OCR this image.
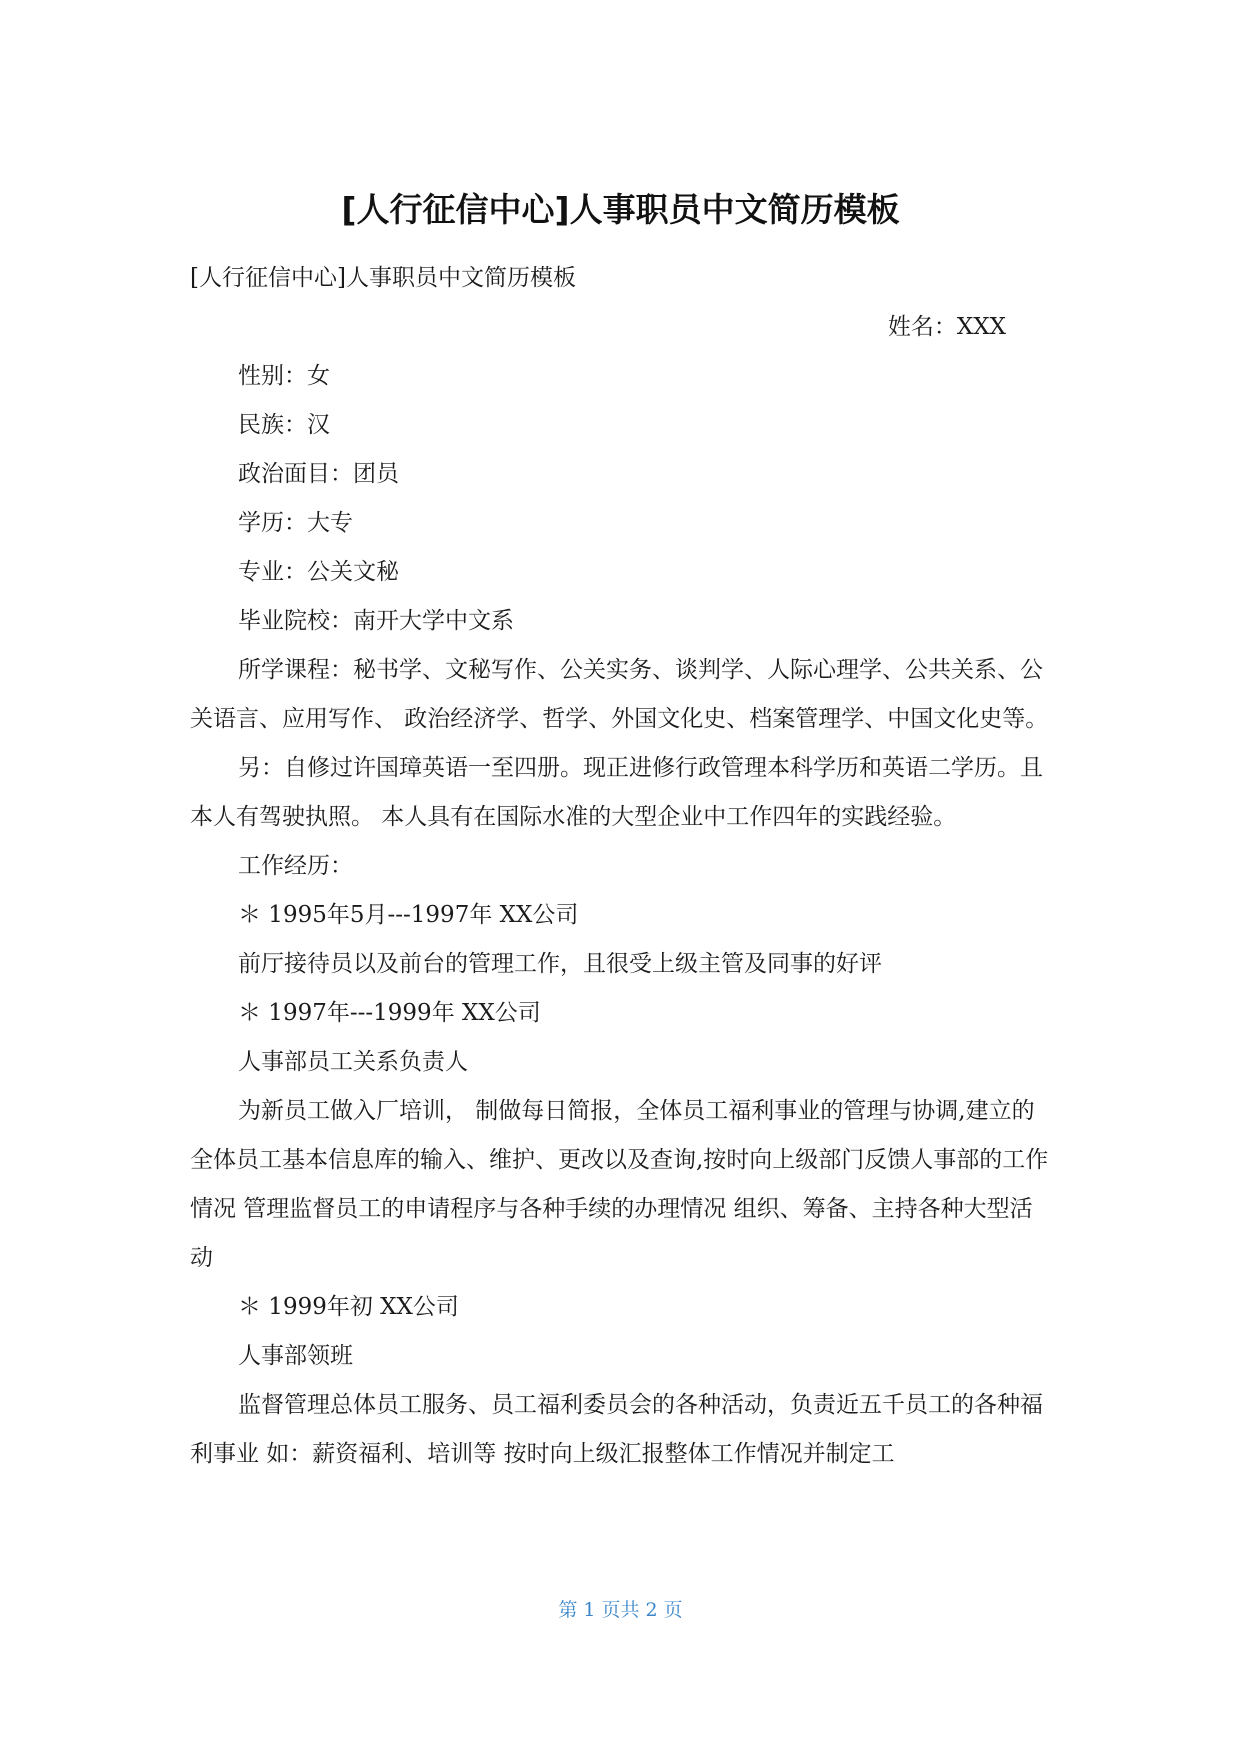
[人行征信中心]人事职员中文简历模板

[人行征信中心]人事职员中文简历模板

姓名：XXX

性别：女

民族：汉

政治面目：团员

学历：大专

专业：公关文秘

毕业院校：南开大学中文系

所学课程：秘书学、文秘写作、公关实务、谈判学、人际心理学、公共关系、公关语言、应用写作、 政治经济学、哲学、外国文化史、档案管理学、中国文化史等。

另：自修过许国璋英语一至四册。现正进修行政管理本科学历和英语二学历。且本人有驾驶执照。 本人具有在国际水准的大型企业中工作四年的实践经验。

工作经历：

＊ 1995年5月---1997年 XX公司

前厅接待员以及前台的管理工作，且很受上级主管及同事的好评

＊ 1997年---1999年 XX公司

人事部员工关系负责人

为新员工做入厂培训， 制做每日简报，全体员工福利事业的管理与协调,建立的全体员工基本信息库的输入、维护、更改以及查询,按时向上级部门反馈人事部的工作情况 管理监督员工的申请程序与各种手续的办理情况 组织、筹备、主持各种大型活动

＊ 1999年初 XX公司

人事部领班

监督管理总体员工服务、员工福利委员会的各种活动，负责近五千员工的各种福利事业 如：薪资福利、培训等 按时向上级汇报整体工作情况并制定工

第 1 页共 2 页
